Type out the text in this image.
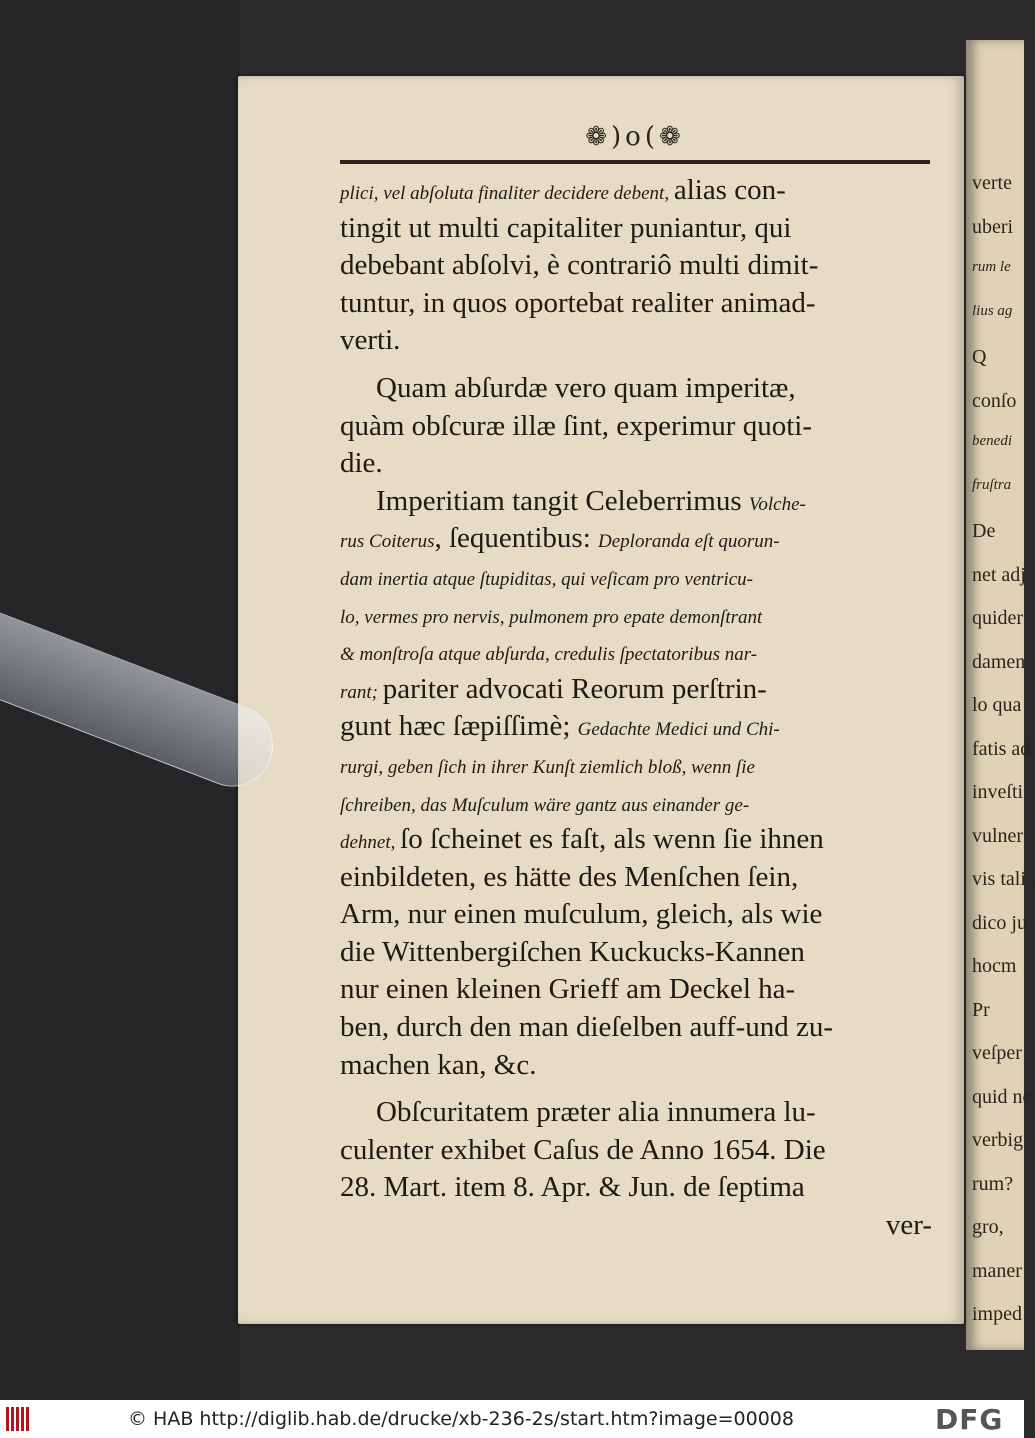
verte
uberi
rum le
lius ag
Q
conſo
benedi
fruſtra
De
net adj
quider
damen
lo qua
fatis ad
inveſti
vulner
vis talia
dico ju
hocm
Pr
veſper
quid nc
verbig
rum?
gro,
maner
imped
❁)o(❁
plici, vel abſoluta finaliter decidere debent, alias con-
tingit ut multi capitaliter puniantur, qui
debebant abſolvi, è contrariô multi dimit-
tuntur, in quos oportebat realiter animad-
verti.
Quam abſurdæ vero quam imperitæ,
quàm obſcuræ illæ ſint, experimur quoti-
die.
Imperitiam tangit Celeberrimus Volche-
rus Coiterus, ſequentibus: Deploranda eſt quorun-
dam inertia atque ſtupiditas, qui veſicam pro ventricu-
lo, vermes pro nervis, pulmonem pro epate demonſtrant
& monſtroſa atque abſurda, credulis ſpectatoribus nar-
rant; pariter advocati Reorum perſtrin-
gunt hæc ſæpiſſimè; Gedachte Medici und Chi-
rurgi, geben ſich in ihrer Kunſt ziemlich bloß, wenn ſie
ſchreiben, das Muſculum wäre gantz aus einander ge-
dehnet, ſo ſcheinet es faſt, als wenn ſie ihnen
einbildeten, es hätte des Menſchen ſein,
Arm, nur einen muſculum, gleich, als wie
die Wittenbergiſchen Kuckucks-Kannen
nur einen kleinen Grieff am Deckel ha-
ben, durch den man dieſelben auff-und zu-
machen kan, &c.
Obſcuritatem præter alia innumera lu-
culenter exhibet Caſus de Anno 1654. Die
28. Mart. item 8. Apr. & Jun. de ſeptima
ver-
© HAB http://diglib.hab.de/drucke/xb-236-2s/start.htm?image=00008	DFG
